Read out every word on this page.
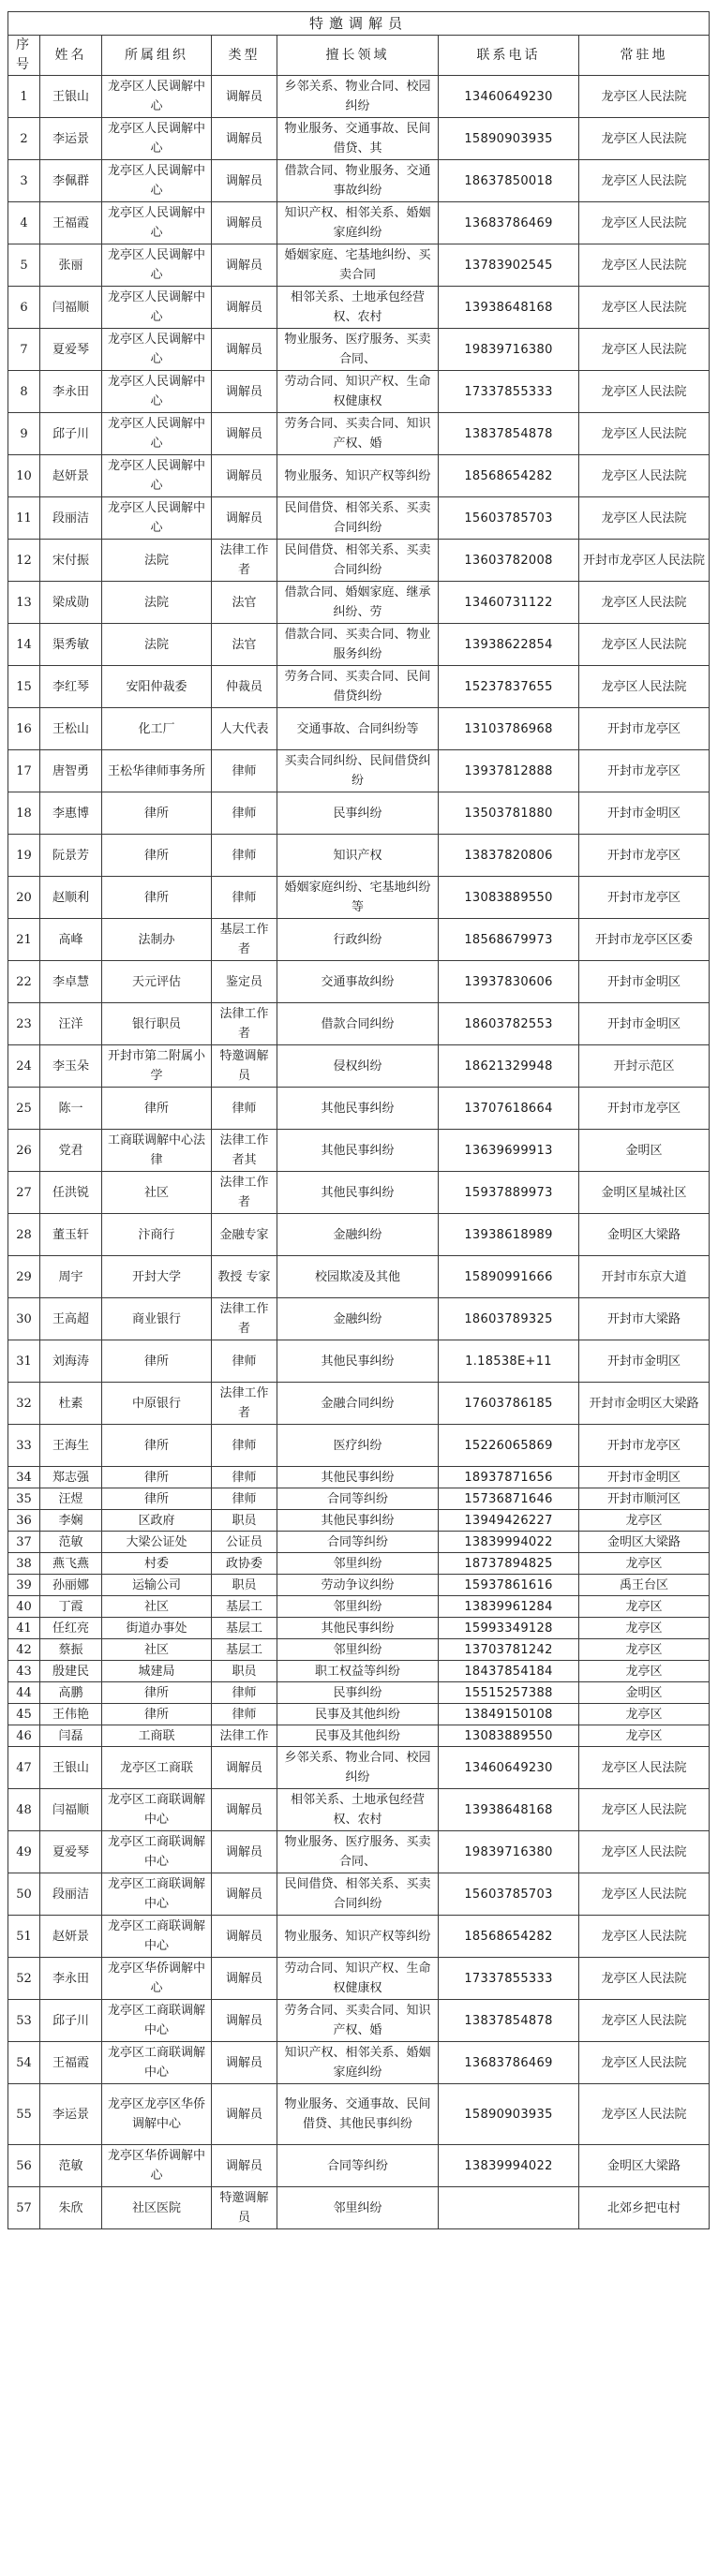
特邀调解员						
序号	姓名	所属组织	类型	擅长领域	联系电话	常驻地
1	王银山	龙亭区人民调解中心	调解员	乡邻关系、物业合同、校园纠纷	13460649230	龙亭区人民法院
2	李运景	龙亭区人民调解中心	调解员	物业服务、交通事故、民间借贷、其	15890903935	龙亭区人民法院
3	李佩群	龙亭区人民调解中心	调解员	借款合同、物业服务、交通事故纠纷	18637850018	龙亭区人民法院
4	王福霞	龙亭区人民调解中心	调解员	知识产权、相邻关系、婚姻家庭纠纷	13683786469	龙亭区人民法院
5	张丽	龙亭区人民调解中心	调解员	婚姻家庭、宅基地纠纷、买卖合同	13783902545	龙亭区人民法院
6	闫福顺	龙亭区人民调解中心	调解员	相邻关系、土地承包经营权、农村	13938648168	龙亭区人民法院
7	夏爱琴	龙亭区人民调解中心	调解员	物业服务、医疗服务、买卖合同、	19839716380	龙亭区人民法院
8	李永田	龙亭区人民调解中心	调解员	劳动合同、知识产权、生命权健康权	17337855333	龙亭区人民法院
9	邱子川	龙亭区人民调解中心	调解员	劳务合同、买卖合同、知识产权、婚	13837854878	龙亭区人民法院
10	赵妍景	龙亭区人民调解中心	调解员	物业服务、知识产权等纠纷	18568654282	龙亭区人民法院
11	段丽洁	龙亭区人民调解中心	调解员	民间借贷、相邻关系、买卖合同纠纷	15603785703	龙亭区人民法院
12	宋付振	法院	法律工作者	民间借贷、相邻关系、买卖合同纠纷	13603782008	开封市龙亭区人民法院
13	梁成勋	法院	法官	借款合同、婚姻家庭、继承纠纷、劳	13460731122	龙亭区人民法院
14	渠秀敏	法院	法官	借款合同、买卖合同、物业服务纠纷	13938622854	龙亭区人民法院
15	李红琴	安阳仲裁委	仲裁员	劳务合同、买卖合同、民间借贷纠纷	15237837655	龙亭区人民法院
16	王松山	化工厂	人大代表	交通事故、合同纠纷等	13103786968	开封市龙亭区
17	唐智勇	王松华律师事务所	律师	买卖合同纠纷、民间借贷纠纷	13937812888	开封市龙亭区
18	李惠博	律所	律师	民事纠纷	13503781880	开封市金明区
19	阮景芳	律所	律师	知识产权	13837820806	开封市龙亭区
20	赵顺利	律所	律师	婚姻家庭纠纷、宅基地纠纷等	13083889550	开封市龙亭区
21	高峰	法制办	基层工作者	行政纠纷	18568679973	开封市龙亭区区委
22	李卓慧	天元评估	鉴定员	交通事故纠纷	13937830606	开封市金明区
23	汪洋	银行职员	法律工作者	借款合同纠纷	18603782553	开封市金明区
24	李玉朵	开封市第二附属小学	特邀调解员	侵权纠纷	18621329948	开封示范区
25	陈一	律所	律师	其他民事纠纷	13707618664	开封市龙亭区
26	党君	工商联调解中心法律	法律工作者其	其他民事纠纷	13639699913	金明区
27	任洪锐	社区	法律工作者	其他民事纠纷	15937889973	金明区星城社区
28	董玉轩	汴商行	金融专家	金融纠纷	13938618989	金明区大梁路
29	周宇	开封大学	教授 专家	校园欺凌及其他	15890991666	开封市东京大道
30	王高超	商业银行	法律工作者	金融纠纷	18603789325	开封市大梁路
31	刘海涛	律所	律师	其他民事纠纷	1.18538E+11	开封市金明区
32	杜素	中原银行	法律工作者	金融合同纠纷	17603786185	开封市金明区大梁路
33	王海生	律所	律师	医疗纠纷	15226065869	开封市龙亭区
34	郑志强	律所	律师	其他民事纠纷	18937871656	开封市金明区
35	汪煜	律所	律师	合同等纠纷	15736871646	开封市顺河区
36	李娴	区政府	职员	其他民事纠纷	13949426227	龙亭区
37	范敏	大梁公证处	公证员	合同等纠纷	13839994022	金明区大梁路
38	燕飞燕	村委	政协委	邻里纠纷	18737894825	龙亭区
39	孙丽娜	运输公司	职员	劳动争议纠纷	15937861616	禹王台区
40	丁霞	社区	基层工	邻里纠纷	13839961284	龙亭区
41	任红亮	街道办事处	基层工	其他民事纠纷	15993349128	龙亭区
42	蔡振	社区	基层工	邻里纠纷	13703781242	龙亭区
43	殷建民	城建局	职员	职工权益等纠纷	18437854184	龙亭区
44	高鹏	律所	律师	民事纠纷	15515257388	金明区
45	王伟艳	律所	律师	民事及其他纠纷	13849150108	龙亭区
46	闫磊	工商联	法律工作	民事及其他纠纷	13083889550	龙亭区
47	王银山	龙亭区工商联	调解员	乡邻关系、物业合同、校园纠纷	13460649230	龙亭区人民法院
48	闫福顺	龙亭区工商联调解中心	调解员	相邻关系、土地承包经营权、农村	13938648168	龙亭区人民法院
49	夏爱琴	龙亭区工商联调解中心	调解员	物业服务、医疗服务、买卖合同、	19839716380	龙亭区人民法院
50	段丽洁	龙亭区工商联调解中心	调解员	民间借贷、相邻关系、买卖合同纠纷	15603785703	龙亭区人民法院
51	赵妍景	龙亭区工商联调解中心	调解员	物业服务、知识产权等纠纷	18568654282	龙亭区人民法院
52	李永田	龙亭区华侨调解中心	调解员	劳动合同、知识产权、生命权健康权	17337855333	龙亭区人民法院
53	邱子川	龙亭区工商联调解中心	调解员	劳务合同、买卖合同、知识产权、婚	13837854878	龙亭区人民法院
54	王福霞	龙亭区工商联调解中心	调解员	知识产权、相邻关系、婚姻家庭纠纷	13683786469	龙亭区人民法院
55	李运景	龙亭区龙亭区华侨调解中心	调解员	物业服务、交通事故、民间借贷、其他民事纠纷	15890903935	龙亭区人民法院
56	范敏	龙亭区华侨调解中心	调解员	合同等纠纷	13839994022	金明区大梁路
57	朱欣	社区医院	特邀调解员	邻里纠纷		北郊乡把屯村
